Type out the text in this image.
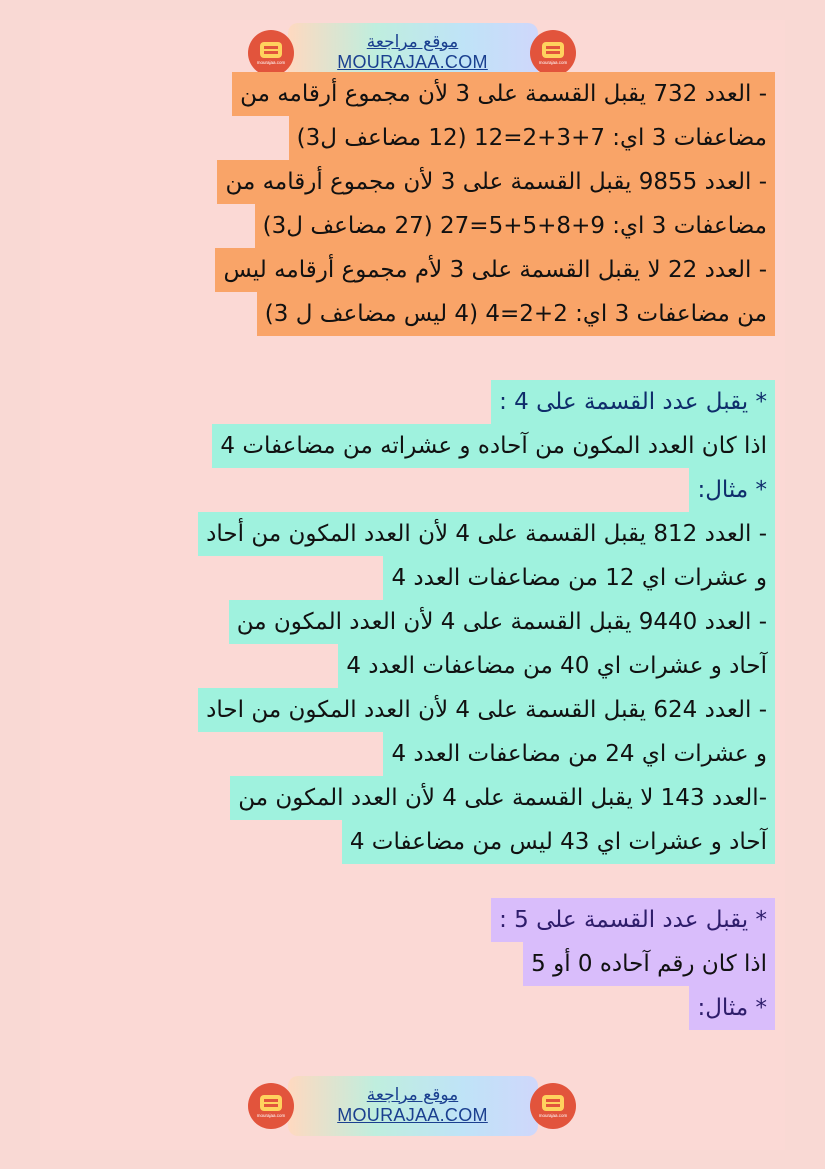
موقع مراجعة
MOURAJAA.COM
mourajaa.com	mourajaa.com
- العدد 732 يقبل القسمة على 3 لأن مجموع أرقامه من
مضاعفات 3 اي: 7+3+2=12 (12 مضاعف ل3)
- العدد 9855 يقبل القسمة على 3 لأن مجموع أرقامه من
مضاعفات 3 اي: 9+8+5+5=27 (27 مضاعف ل3)
- العدد 22 لا يقبل القسمة على 3 لأم مجموع أرقامه ليس
من مضاعفات 3 اي: 2+2=4 (4 ليس مضاعف ل 3)
* يقبل عدد القسمة على 4 :
اذا كان العدد المكون من آحاده و عشراته من مضاعفات 4
* مثال:
- العدد 812 يقبل القسمة على 4 لأن العدد المكون من أحاد
و عشرات اي 12 من مضاعفات العدد 4
- العدد 9440 يقبل القسمة على 4 لأن العدد المكون من
آحاد و عشرات اي 40 من مضاعفات العدد 4
- العدد 624 يقبل القسمة على 4 لأن العدد المكون من احاد
و عشرات اي 24 من مضاعفات العدد 4
-العدد 143 لا يقبل القسمة على 4 لأن العدد المكون من
آحاد و عشرات اي 43 ليس من مضاعفات 4
* يقبل عدد القسمة على 5 :
اذا كان رقم آحاده 0 أو 5
* مثال:
موقع مراجعة
MOURAJAA.COM
mourajaa.com	mourajaa.com
